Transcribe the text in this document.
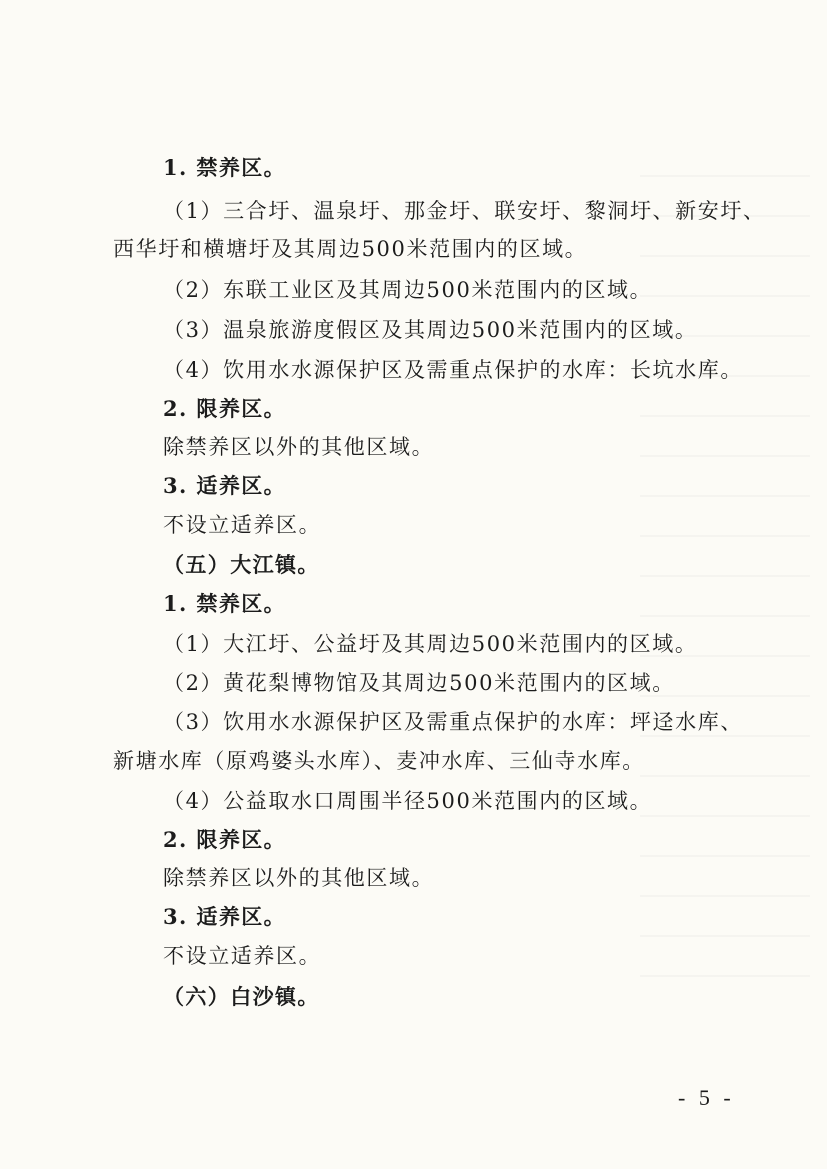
1. 禁养区。
（1）三合圩、温泉圩、那金圩、联安圩、黎洞圩、新安圩、
西华圩和横塘圩及其周边500米范围内的区域。
（2）东联工业区及其周边500米范围内的区域。
（3）温泉旅游度假区及其周边500米范围内的区域。
（4）饮用水水源保护区及需重点保护的水库：长坑水库。
2. 限养区。
除禁养区以外的其他区域。
3. 适养区。
不设立适养区。
（五）大江镇。
1. 禁养区。
（1）大江圩、公益圩及其周边500米范围内的区域。
（2）黄花梨博物馆及其周边500米范围内的区域。
（3）饮用水水源保护区及需重点保护的水库：坪迳水库、
新塘水库（原鸡婆头水库）、麦冲水库、三仙寺水库。
（4）公益取水口周围半径500米范围内的区域。
2. 限养区。
除禁养区以外的其他区域。
3. 适养区。
不设立适养区。
（六）白沙镇。
- 5 -
